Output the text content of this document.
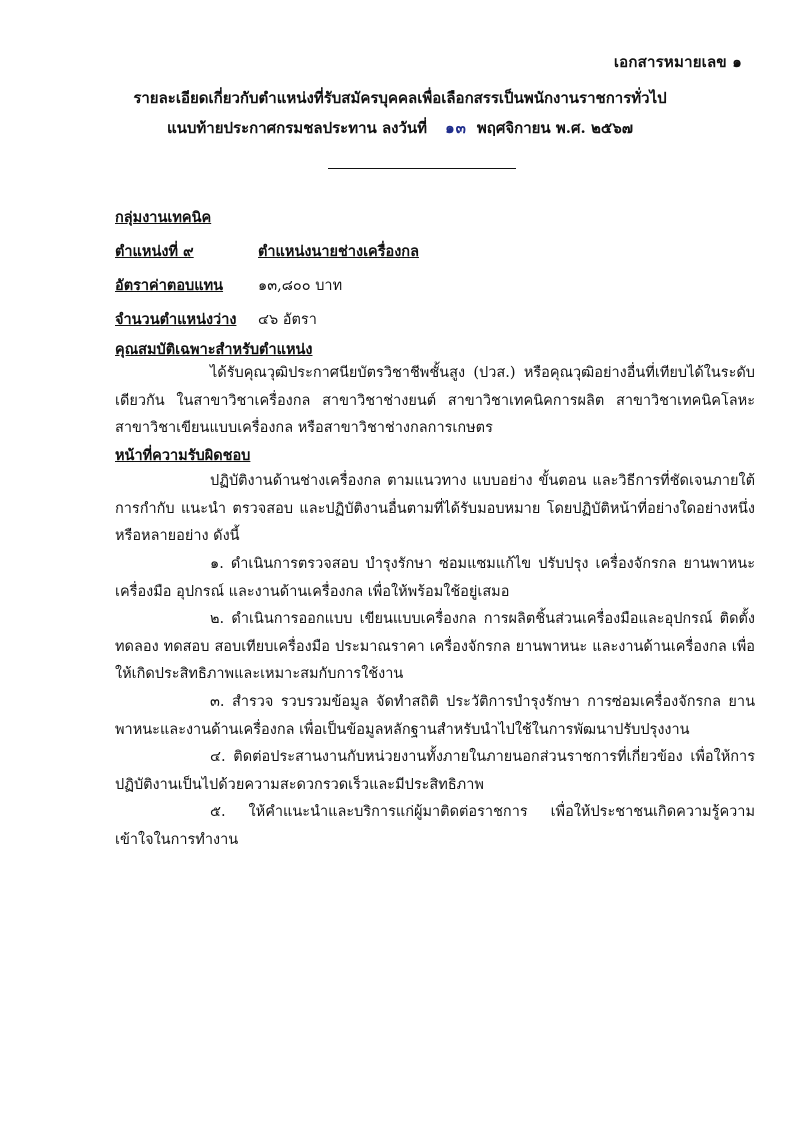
เอกสารหมายเลข ๑
รายละเอียดเกี่ยวกับตำแหน่งที่รับสมัครบุคคลเพื่อเลือกสรรเป็นพนักงานราชการทั่วไป
แนบท้ายประกาศกรมชลประทาน ลงวันที่ ๑๓ พฤศจิกายน พ.ศ. ๒๕๖๗
กลุ่มงานเทคนิค
ตำแหน่งที่ ๙	ตำแหน่งนายช่างเครื่องกล
อัตราค่าตอบแทน ๑๓,๘๐๐ บาท
จำนวนตำแหน่งว่าง ๔๖ อัตรา
คุณสมบัติเฉพาะสำหรับตำแหน่ง
ได้รับคุณวุฒิประกาศนียบัตรวิชาชีพชั้นสูง (ปวส.) หรือคุณวุฒิอย่างอื่นที่เทียบได้ในระดับเดียวกัน ในสาขาวิชาเครื่องกล สาขาวิชาช่างยนต์ สาขาวิชาเทคนิคการผลิต สาขาวิชาเทคนิคโลหะ สาขาวิชาเขียนแบบเครื่องกล หรือสาขาวิชาช่างกลการเกษตร
หน้าที่ความรับผิดชอบ
ปฏิบัติงานด้านช่างเครื่องกล ตามแนวทาง แบบอย่าง ขั้นตอน และวิธีการที่ชัดเจนภายใต้การกำกับ แนะนำ ตรวจสอบ และปฏิบัติงานอื่นตามที่ได้รับมอบหมาย โดยปฏิบัติหน้าที่อย่างใดอย่างหนึ่งหรือหลายอย่าง ดังนี้
๑. ดำเนินการตรวจสอบ บำรุงรักษา ซ่อมแซมแก้ไข ปรับปรุง เครื่องจักรกล ยานพาหนะ เครื่องมือ อุปกรณ์ และงานด้านเครื่องกล เพื่อให้พร้อมใช้อยู่เสมอ
๒. ดำเนินการออกแบบ เขียนแบบเครื่องกล การผลิตชิ้นส่วนเครื่องมือและอุปกรณ์ ติดตั้ง ทดลอง ทดสอบ สอบเทียบเครื่องมือ ประมาณราคา เครื่องจักรกล ยานพาหนะ และงานด้านเครื่องกล เพื่อให้เกิดประสิทธิภาพและเหมาะสมกับการใช้งาน
๓. สำรวจ รวบรวมข้อมูล จัดทำสถิติ ประวัติการบำรุงรักษา การซ่อมเครื่องจักรกล ยานพาหนะและงานด้านเครื่องกล เพื่อเป็นข้อมูลหลักฐานสำหรับนำไปใช้ในการพัฒนาปรับปรุงงาน
๔. ติดต่อประสานงานกับหน่วยงานทั้งภายในภายนอกส่วนราชการที่เกี่ยวข้อง เพื่อให้การปฏิบัติงานเป็นไปด้วยความสะดวกรวดเร็วและมีประสิทธิภาพ
๕. ให้คำแนะนำและบริการแก่ผู้มาติดต่อราชการ เพื่อให้ประชาชนเกิดความรู้ความเข้าใจในการทำงาน
